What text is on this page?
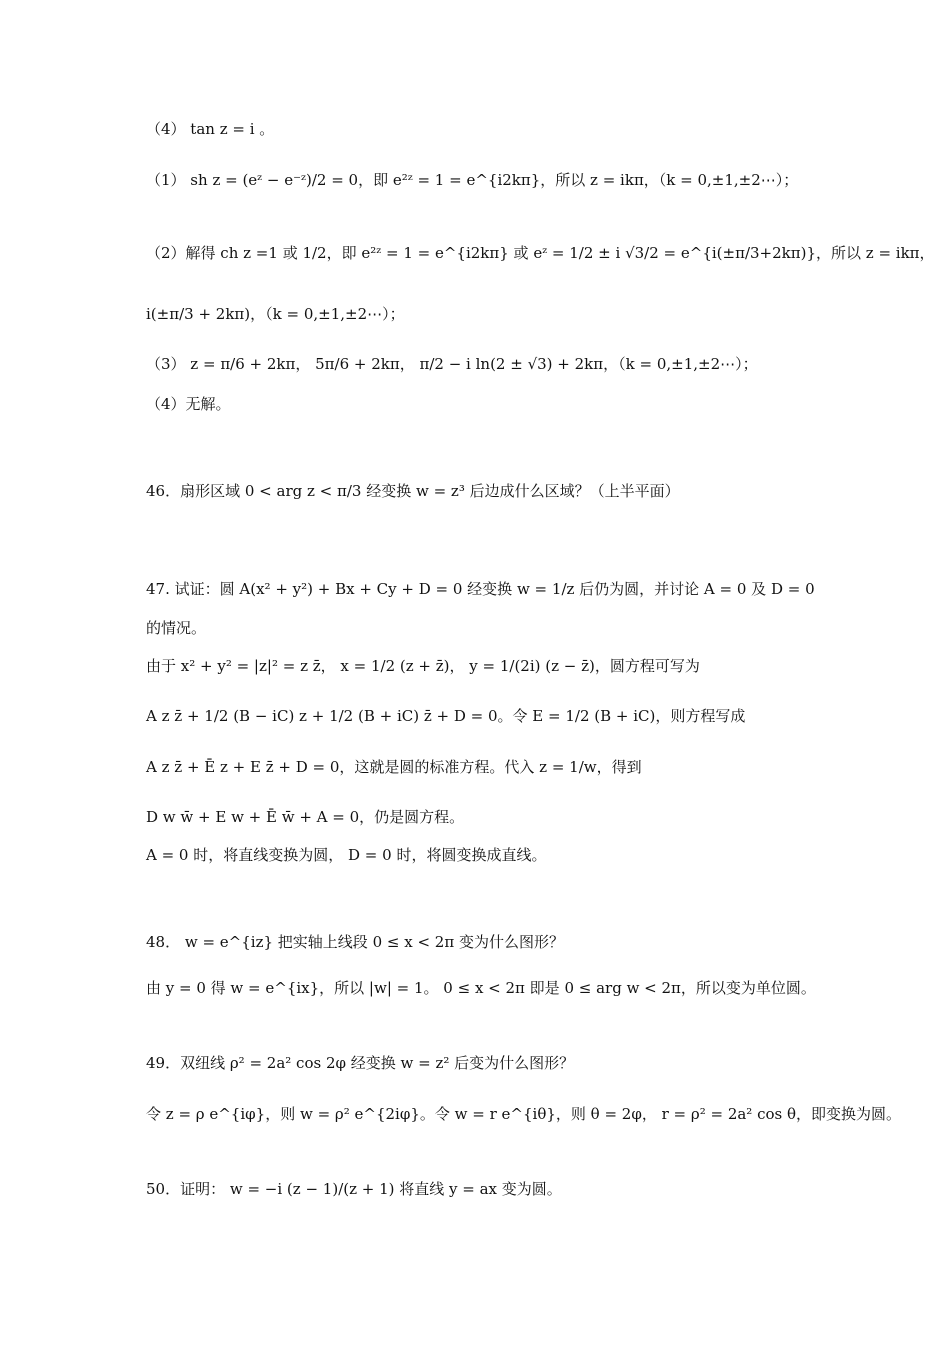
（4） tan z = i 。
（1） sh z = (eᶻ − e⁻ᶻ)/2 = 0，即 e²ᶻ = 1 = e^{i2kπ}，所以 z = ikπ，（k = 0,±1,±2⋯）；
（2）解得 ch z =1 或 1/2，即 e²ᶻ = 1 = e^{i2kπ} 或 eᶻ = 1/2 ± i √3/2 = e^{i(±π/3+2kπ)}，所以 z = ikπ，
i(±π/3 + 2kπ)，（k = 0,±1,±2⋯）；
（3） z = π/6 + 2kπ， 5π/6 + 2kπ， π/2 − i ln(2 ± √3) + 2kπ，（k = 0,±1,±2⋯）；
（4）无解。
46．扇形区域 0 < arg z < π/3 经变换 w = z³ 后边成什么区域？（上半平面）
47. 试证：圆 A(x² + y²) + Bx + Cy + D = 0 经变换 w = 1/z 后仍为圆，并讨论 A = 0 及 D = 0
的情况。
由于 x² + y² = |z|² = z z̄， x = 1/2 (z + z̄)， y = 1/(2i) (z − z̄)，圆方程可写为
A z z̄ + 1/2 (B − iC) z + 1/2 (B + iC) z̄ + D = 0。令 E = 1/2 (B + iC)，则方程写成
A z z̄ + Ē z + E z̄ + D = 0，这就是圆的标准方程。代入 z = 1/w，得到
D w w̄ + E w + Ē w̄ + A = 0，仍是圆方程。
A = 0 时，将直线变换为圆， D = 0 时，将圆变换成直线。
48． w = e^{iz} 把实轴上线段 0 ≤ x < 2π 变为什么图形？
由 y = 0 得 w = e^{ix}，所以 |w| = 1。 0 ≤ x < 2π 即是 0 ≤ arg w < 2π，所以变为单位圆。
49．双纽线 ρ² = 2a² cos 2φ 经变换 w = z² 后变为什么图形？
令 z = ρ e^{iφ}，则 w = ρ² e^{2iφ}。令 w = r e^{iθ}，则 θ = 2φ， r = ρ² = 2a² cos θ，即变换为圆。
50．证明： w = −i (z − 1)/(z + 1) 将直线 y = ax 变为圆。
